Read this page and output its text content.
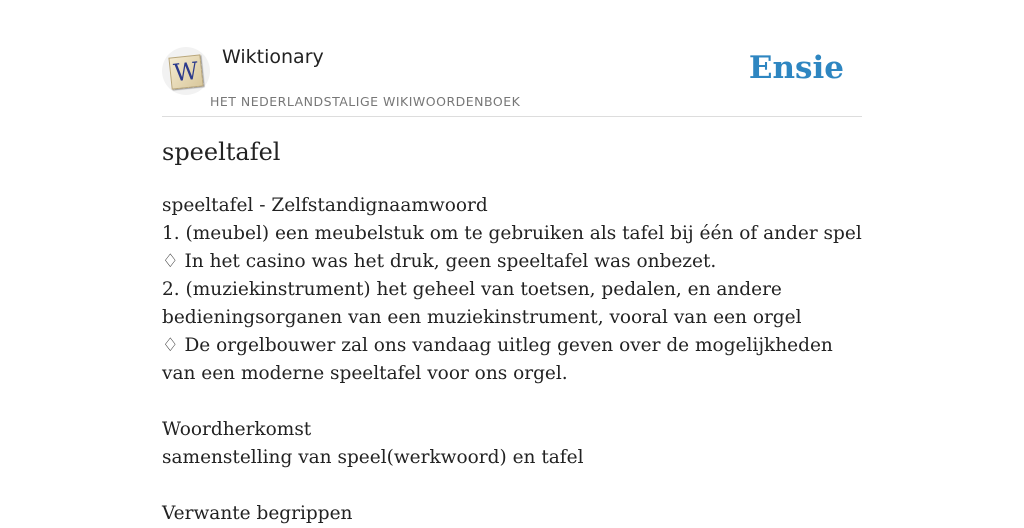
W Wiktionary
HET NEDERLANDSTALIGE WIKIWOORDENBOEK
Ensie
speeltafel
speeltafel - Zelfstandignaamwoord
1. (meubel) een meubelstuk om te gebruiken als tafel bij één of ander spel
♢ In het casino was het druk, geen speeltafel was onbezet.
2. (muziekinstrument) het geheel van toetsen, pedalen, en andere bedieningsorganen van een muziekinstrument, vooral van een orgel
♢ De orgelbouwer zal ons vandaag uitleg geven over de mogelijkheden van een moderne speeltafel voor ons orgel.
Woordherkomst
samenstelling van speel(werkwoord) en tafel
Verwante begrippen
